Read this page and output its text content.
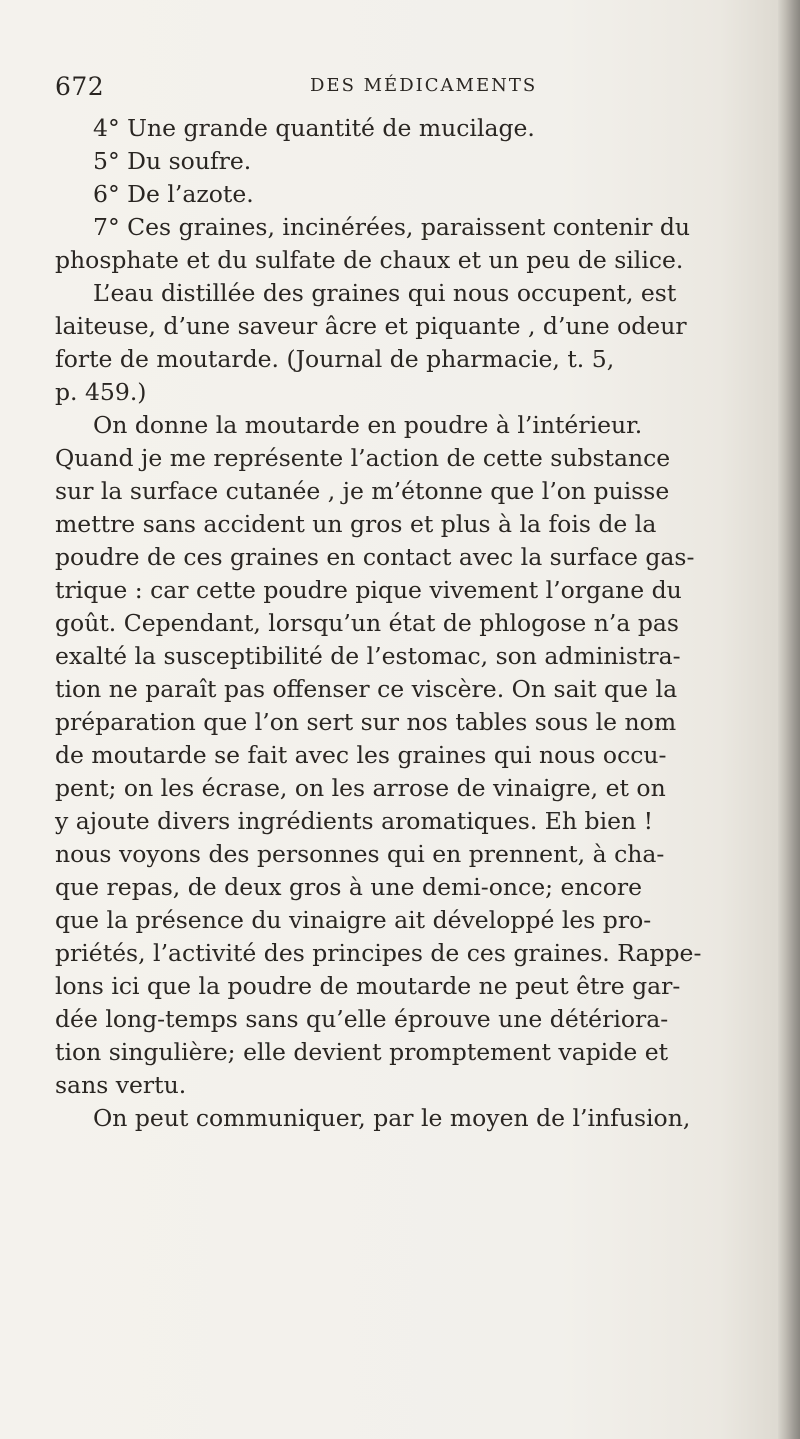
672	DES MÉDICAMENTS
4° Une grande quantité de mucilage.
5° Du soufre.
6° De l’azote.
7° Ces graines, incinérées, paraissent contenir du
phosphate et du sulfate de chaux et un peu de silice.
L’eau distillée des graines qui nous occupent, est
laiteuse, d’une saveur âcre et piquante , d’une odeur
forte de moutarde. (Journal de pharmacie, t. 5,
p. 459.)
On donne la moutarde en poudre à l’intérieur.
Quand je me représente l’action de cette substance
sur la surface cutanée , je m’étonne que l’on puisse
mettre sans accident un gros et plus à la fois de la
poudre de ces graines en contact avec la surface gas-
trique : car cette poudre pique vivement l’organe du
goût. Cependant, lorsqu’un état de phlogose n’a pas
exalté la susceptibilité de l’estomac, son administra-
tion ne paraît pas offenser ce viscère. On sait que la
préparation que l’on sert sur nos tables sous le nom
de moutarde se fait avec les graines qui nous occu-
pent; on les écrase, on les arrose de vinaigre, et on
y ajoute divers ingrédients aromatiques. Eh bien !
nous voyons des personnes qui en prennent, à cha-
que repas, de deux gros à une demi-once; encore
que la présence du vinaigre ait développé les pro-
priétés, l’activité des principes de ces graines. Rappe-
lons ici que la poudre de moutarde ne peut être gar-
dée long-temps sans qu’elle éprouve une détériora-
tion singulière; elle devient promptement vapide et
sans vertu.
On peut communiquer, par le moyen de l’infusion,
